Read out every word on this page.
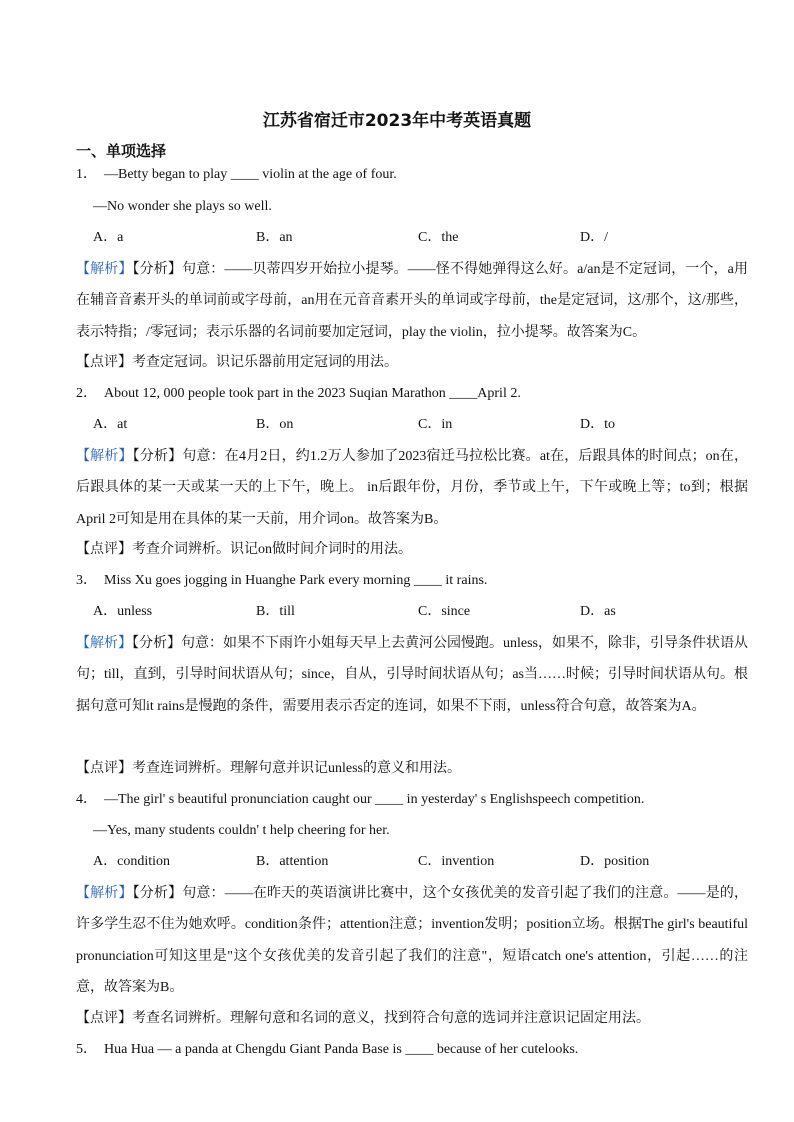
江苏省宿迁市2023年中考英语真题
一、单项选择
1． —Betty began to play ____ violin at the age of four.
—No wonder she plays so well.
A．a	B．an	C．the	D．/
【解析】【分析】句意：——贝蒂四岁开始拉小提琴。——怪不得她弹得这么好。a/an是不定冠词，一个，a用在辅音音素开头的单词前或字母前，an用在元音音素开头的单词或字母前，the是定冠词，这/那个，这/那些，表示特指；/零冠词；表示乐器的名词前要加定冠词，play the violin，拉小提琴。故答案为C。
【点评】考查定冠词。识记乐器前用定冠词的用法。
2． About 12, 000 people took part in the 2023 Suqian Marathon ____April 2.
A．at	B．on	C．in	D．to
【解析】【分析】句意：在4月2日，约1.2万人参加了2023宿迁马拉松比赛。at在，后跟具体的时间点；on在，后跟具体的某一天或某一天的上下午，晚上。 in后跟年份，月份，季节或上午，下午或晚上等；to到；根据April 2可知是用在具体的某一天前，用介词on。故答案为B。
【点评】考查介词辨析。识记on做时间介词时的用法。
3． Miss Xu goes jogging in Huanghe Park every morning ____ it rains.
A．unless	B．till	C．since	D．as
【解析】【分析】句意：如果不下雨许小姐每天早上去黄河公园慢跑。unless，如果不，除非，引导条件状语从句；till，直到，引导时间状语从句；since，自从，引导时间状语从句；as当……时候；引导时间状语从句。根据句意可知it rains是慢跑的条件，需要用表示否定的连词，如果不下雨，unless符合句意，故答案为A。
【点评】考查连词辨析。理解句意并识记unless的意义和用法。
4． —The girl' s beautiful pronunciation caught our ____ in yesterday' s Englishspeech competition.
—Yes, many students couldn' t help cheering for her.
A．condition	B．attention	C．invention	D．position
【解析】【分析】句意：——在昨天的英语演讲比赛中，这个女孩优美的发音引起了我们的注意。——是的，许多学生忍不住为她欢呼。condition条件；attention注意；invention发明；position立场。根据The girl's beautiful pronunciation可知这里是"这个女孩优美的发音引起了我们的注意"，短语catch one's attention，引起……的注意，故答案为B。
【点评】考查名词辨析。理解句意和名词的意义，找到符合句意的选词并注意识记固定用法。
5． Hua Hua — a panda at Chengdu Giant Panda Base is ____ because of her cutelooks.
